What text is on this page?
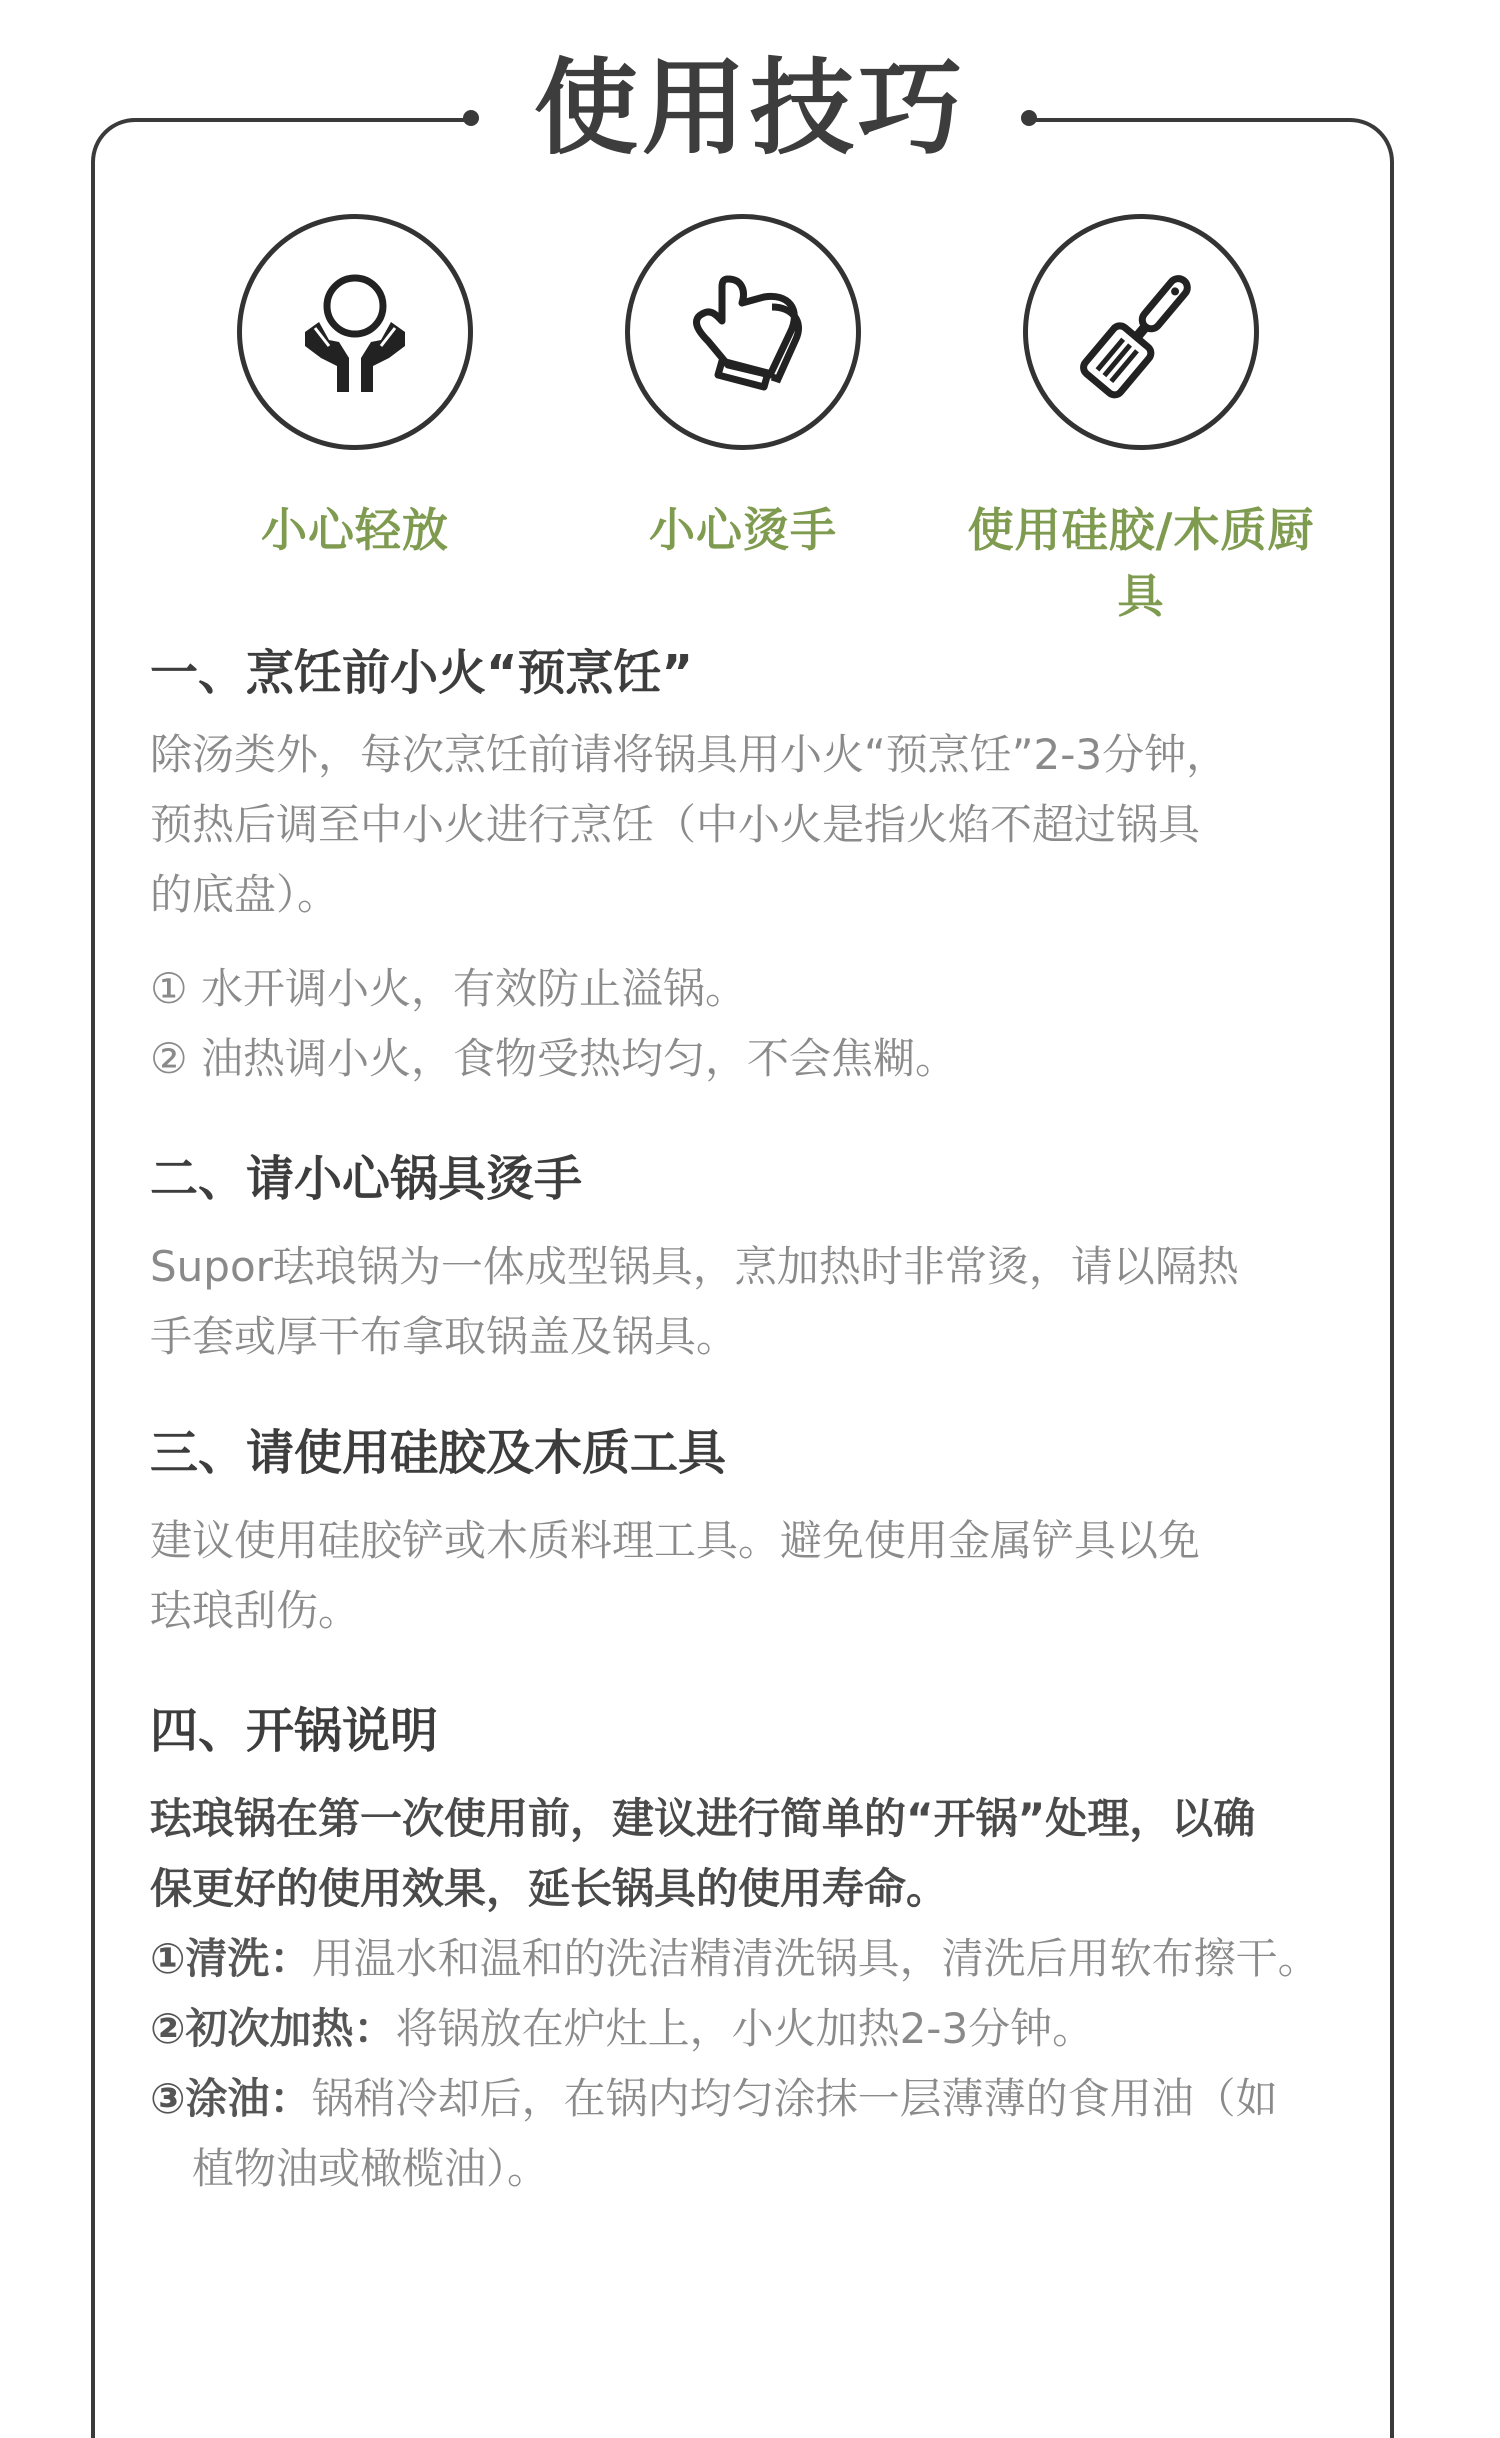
使用技巧
小心轻放	小心烫手	使用硅胶/木质厨具
一、烹饪前小火“预烹饪”

除汤类外，每次烹饪前请将锅具用小火“预烹饪”2-3分钟，
预热后调至中小火进行烹饪（中小火是指火焰不超过锅具
的底盘）。

① 水开调小火，有效防止溢锅。
② 油热调小火，食物受热均匀，不会焦糊。
二、请小心锅具烫手

Supor珐琅锅为一体成型锅具，烹加热时非常烫，请以隔热
手套或厚干布拿取锅盖及锅具。

三、请使用硅胶及木质工具

建议使用硅胶铲或木质料理工具。避免使用金属铲具以免
珐琅刮伤。

四、开锅说明

珐琅锅在第一次使用前，建议进行简单的“开锅”处理，以确
保更好的使用效果，延长锅具的使用寿命。

①清洗：用温水和温和的洗洁精清洗锅具，清洗后用软布擦干。
②初次加热：将锅放在炉灶上，小火加热2-3分钟。
③涂油：锅稍冷却后，在锅内均匀涂抹一层薄薄的食用油（如
植物油或橄榄油）。
